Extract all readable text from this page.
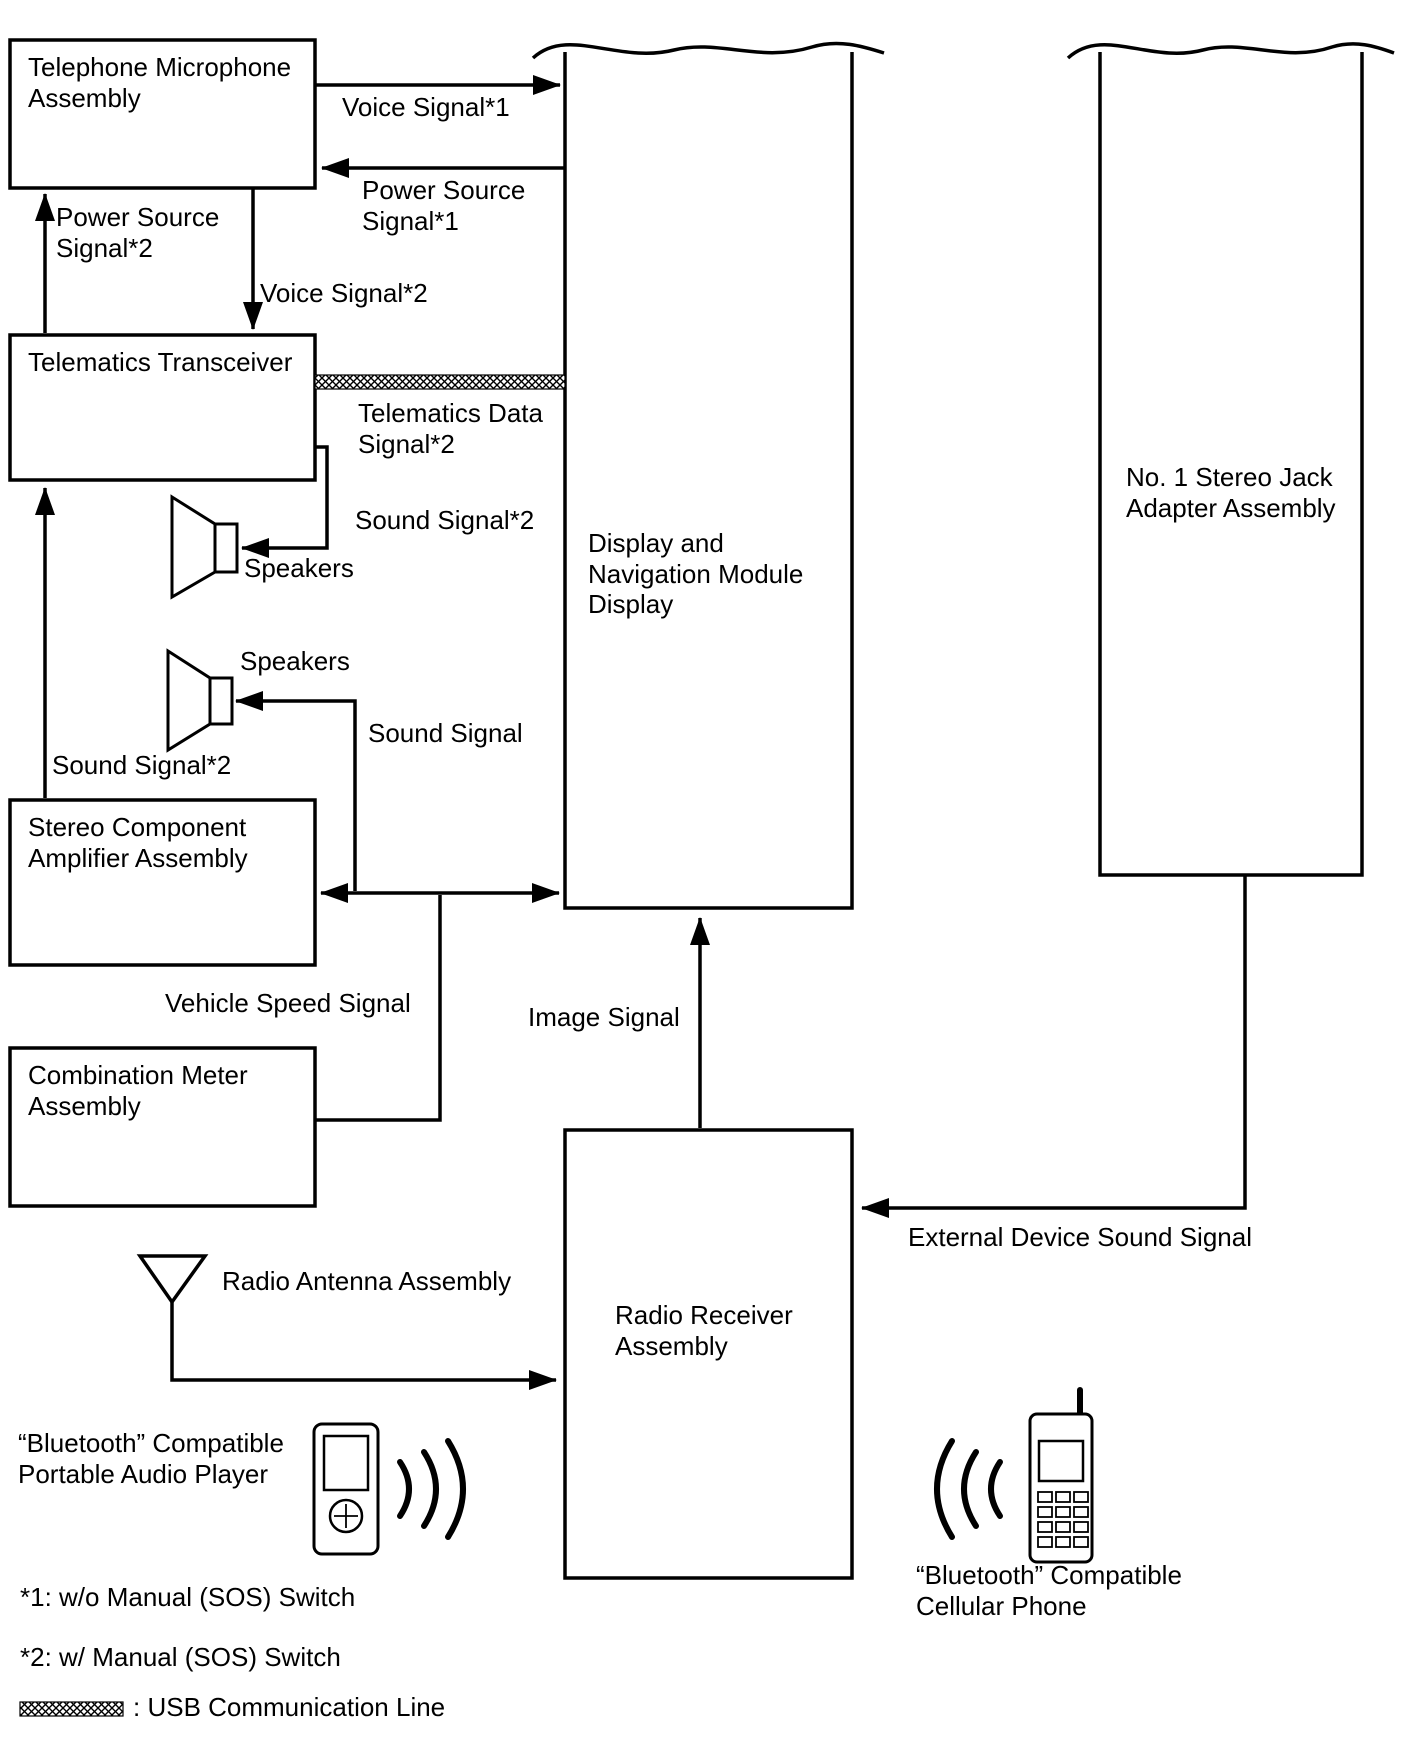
Telephone Microphone Assembly
Telematics Transceiver
Stereo Component Amplifier Assembly
Combination Meter Assembly
Display and Navigation Module Display
No. 1 Stereo Jack Adapter Assembly
Radio Receiver Assembly
Voice Signal*1
Power Source Signal*1
Power Source Signal*2
Voice Signal*2
Telematics Data Signal*2
Sound Signal*2
Speakers
Speakers
Sound Signal
Sound Signal*2
Vehicle Speed Signal	Image Signal
External Device Sound Signal
Radio Antenna Assembly
“Bluetooth” Compatible Portable Audio Player
“Bluetooth” Compatible Cellular Phone
*1: w/o Manual (SOS) Switch
*2: w/ Manual (SOS) Switch
: USB Communication Line
